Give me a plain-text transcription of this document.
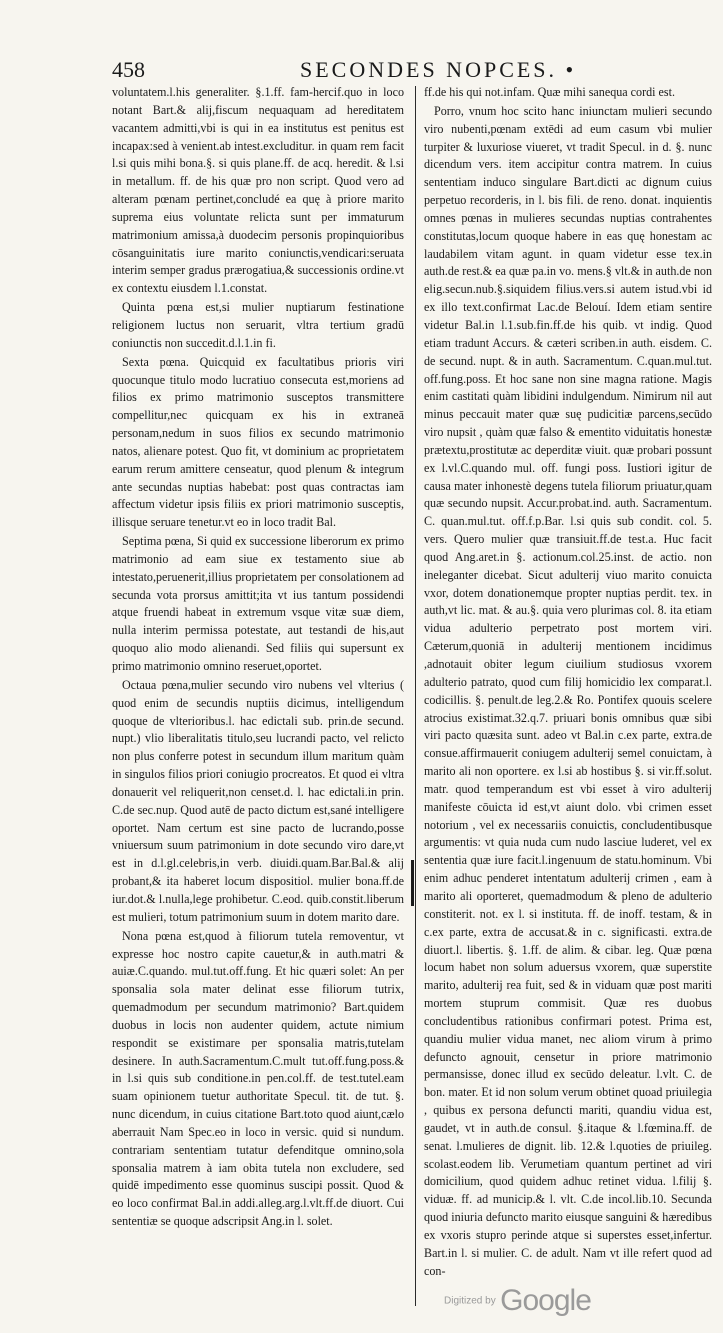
458	SECONDES NOPCES. •

voluntatem.l.his generaliter. §.1.ff. fam-hercif.quo in loco notant Bart.& alij,fiscum nequaquam ad hereditatem vacantem admitti,vbi is qui in ea institutus est penitus est incapax:sed à venient.ab intest.excluditur. in quam rem facit l.si quis mihi bona.§. si quis plane.ff. de acq. heredit. & l.si in metallum. ff. de his quæ pro non script. Quod vero ad alteram pœnam pertinet,concludé ea quę à priore marito suprema eius voluntate relicta sunt per immaturum matrimonium amissa,à duodecim personis propinquioribus cōsanguinitatis iure marito coniunctis,vendicari:seruata interim semper gradus prærogatiua,& successionis ordine.vt ex contextu eiusdem l.1.constat.

Quinta pœna est,si mulier nuptiarum festinatione religionem luctus non seruarit, vltra tertium gradū coniunctis non succedit.d.l.1.in fi.

Sexta pœna. Quicquid ex facultatibus prioris viri quocunque titulo modo lucratiuo consecuta est,moriens ad filios ex primo matrimonio susceptos transmittere compellitur,nec quicquam ex his in extraneā personam,nedum in suos filios ex secundo matrimonio natos, alienare potest. Quo fit, vt dominium ac proprietatem earum rerum amittere censeatur, quod plenum & integrum ante secundas nuptias habebat: post quas contractas iam affectum videtur ipsis filiis ex priori matrimonio susceptis, illisque seruare tenetur.vt eo in loco tradit Bal.

Septima pœna, Si quid ex successione liberorum ex primo matrimonio ad eam siue ex testamento siue ab intestato,peruenerit,illius proprietatem per consolationem ad secunda vota prorsus amittit;ita vt ius tantum possidendi atque fruendi habeat in extremum vsque vitæ suæ diem, nulla interim permissa potestate, aut testandi de his,aut quoquo alio modo alienandi. Sed filiis qui supersunt ex primo matrimonio omnino reseruet,oportet.

Octaua pœna,mulier secundo viro nubens vel vlterius ( quod enim de secundis nuptiis dicimus, intelligendum quoque de vlterioribus.l. hac edictali sub. prin.de secund. nupt.) vlio liberalitatis titulo,seu lucrandi pacto, vel relicto non plus conferre potest in secundum illum maritum quàm in singulos filios priori coniugio procreatos. Et quod ei vltra donauerit vel reliquerit,non censet.d. l. hac edictali.in prin. C.de sec.nup. Quod autē de pacto dictum est,sané intelligere oportet. Nam certum est sine pacto de lucrando,posse vniuersum suum patrimonium in dote secundo viro dare,vt est in d.l.gl.celebris,in verb. diuidi.quam.Bar.Bal.& alij probant,& ita haberet locum dispositiol. mulier bona.ff.de iur.dot.& l.nulla,lege prohibetur. C.eod. quib.constit.liberum est mulieri, totum patrimonium suum in dotem marito dare.

Nona pœna est,quod à filiorum tutela removentur, vt expresse hoc nostro capite cauetur,& in auth.matri & auiæ.C.quando. mul.tut.off.fung. Et hic quæri solet: An per sponsalia sola mater delinat esse filiorum tutrix, quemadmodum per secundum matrimonio? Bart.quidem duobus in locis non audenter quidem, actute nimium respondit se existimare per sponsalia matris,tutelam desinere. In auth.Sacramentum.C.mult tut.off.fung.poss.& in l.si quis sub conditione.in pen.col.ff. de test.tutel.eam suam opinionem tuetur authoritate Specul. tit. de tut. §. nunc dicendum, in cuius citatione Bart.toto quod aiunt,cælo aberrauit Nam Spec.eo in loco in versic. quid si nundum. contrariam sententiam tutatur defenditque omnino,sola sponsalia matrem à iam obita tutela non excludere, sed quidē impedimento esse quominus suscipi possit. Quod & eo loco confirmat Bal.in addi.alleg.arg.l.vlt.ff.de diuort. Cui sententiæ se quoque adscripsit Ang.in l. solet.

ff.de his qui not.infam. Quæ mihi sanequa cordi est.

Porro, vnum hoc scito hanc iniunctam mulieri secundo viro nubenti,pœnam extēdi ad eum casum vbi mulier turpiter & luxuriose viueret, vt tradit Specul. in d. §. nunc dicendum vers. item accipitur contra matrem. In cuius sententiam induco singulare Bart.dicti ac dignum cuius perpetuo recorderis, in l. bis fili. de reno. donat. inquientis omnes pœnas in mulieres secundas nuptias contrahentes constitutas,locum quoque habere in eas quę honestam ac laudabilem vitam agunt. in quam videtur esse tex.in auth.de rest.& ea quæ pa.in vo. mens.§ vlt.& in auth.de non elig.secun.nub.§.siquidem filius.vers.si autem istud.vbi id ex illo text.confirmat Lac.de Belouí. Idem etiam sentire videtur Bal.in l.1.sub.fin.ff.de his quib. vt indig. Quod etiam tradunt Accurs. & cæteri scriben.in auth. eisdem. C. de secund. nupt. & in auth. Sacramentum. C.quan.mul.tut. off.fung.poss. Et hoc sane non sine magna ratione. Magis enim castitati quàm libidini indulgendum. Nimirum nil aut minus peccauit mater quæ suę pudicitiæ parcens,secūdo viro nupsit , quàm quæ falso & ementito viduitatis honestæ prætextu,prostitutæ ac deperditæ viuit. quæ probari possunt ex l.vl.C.quando mul. off. fungi poss. Iustiori igitur de causa mater inhonestè degens tutela filiorum priuatur,quam quæ secundo nupsit. Accur.probat.ind. auth. Sacramentum. C. quan.mul.tut. off.f.p.Bar. l.si quis sub condit. col. 5. vers. Quero mulier quæ transiuit.ff.de test.a. Huc facit quod Ang.aret.in §. actionum.col.25.inst. de actio. non ineleganter dicebat. Sicut adulterij viuo marito conuicta vxor, dotem donationemque propter nuptias perdit. tex. in auth,vt lic. mat. & au.§. quia vero plurimas col. 8. ita etiam vidua adulterio perpetrato post mortem viri. Cæterum,quoniā in adulterij mentionem incidimus ,adnotauit obiter legum ciuilium studiosus vxorem adulterio patrato, quod cum filij homicidio lex comparat.l. codicillis. §. penult.de leg.2.& Ro. Pontifex quouis scelere atrocius existimat.32.q.7. priuari bonis omnibus quæ sibi viri pacto quæsita sunt. adeo vt Bal.in c.ex parte, extra.de consue.affirmauerit coniugem adulterij semel conuictam, à marito ali non oportere. ex l.si ab hostibus §. si vir.ff.solut. matr. quod temperandum est vbi esset à viro adulterij manifeste cōuicta id est,vt aiunt dolo. vbi crimen esset notorium , vel ex necessariis conuictis, concludentibusque argumentis: vt quia nuda cum nudo lasciue luderet, vel ex sententia quæ iure facit.l.ingenuum de statu.hominum. Vbi enim adhuc penderet intentatum adulterij crimen , eam à marito ali oporteret, quemadmodum & pleno de adulterio constiterit. not. ex l. si instituta. ff. de inoff. testam, & in c.ex parte, extra de accusat.& in c. significasti. extra.de diuort.l. libertis. §. 1.ff. de alim. & cibar. leg. Quæ pœna locum habet non solum aduersus vxorem, quæ superstite marito, adulterij rea fuit, sed & in viduam quæ post mariti mortem stuprum commisit. Quæ res duobus concludentibus rationibus confirmari potest. Prima est, quandiu mulier vidua manet, nec aliom virum à primo defuncto agnouit, censetur in priore matrimonio permansisse, donec illud ex secūdo deleatur. l.vlt. C. de bon. mater. Et id non solum verum obtinet quoad priuilegia , quibus ex persona defuncti mariti, quandiu vidua est, gaudet, vt in auth.de consul. §.itaque & l.fœmina.ff. de senat. l.mulieres de dignit. lib. 12.& l.quoties de priuileg. scolast.eodem lib. Verumetiam quantum pertinet ad viri domicilium, quod quidem adhuc retinet vidua. l.filij §. viduæ. ff. ad municip.& l. vlt. C.de incol.lib.10. Secunda quod iniuria defuncto marito eiusque sanguini & hæredibus ex vxoris stupro perinde atque si superstes esset,infertur. Bart.in l. si mulier. C. de adult. Nam vt ille refert quod ad con-

Digitized by Google
